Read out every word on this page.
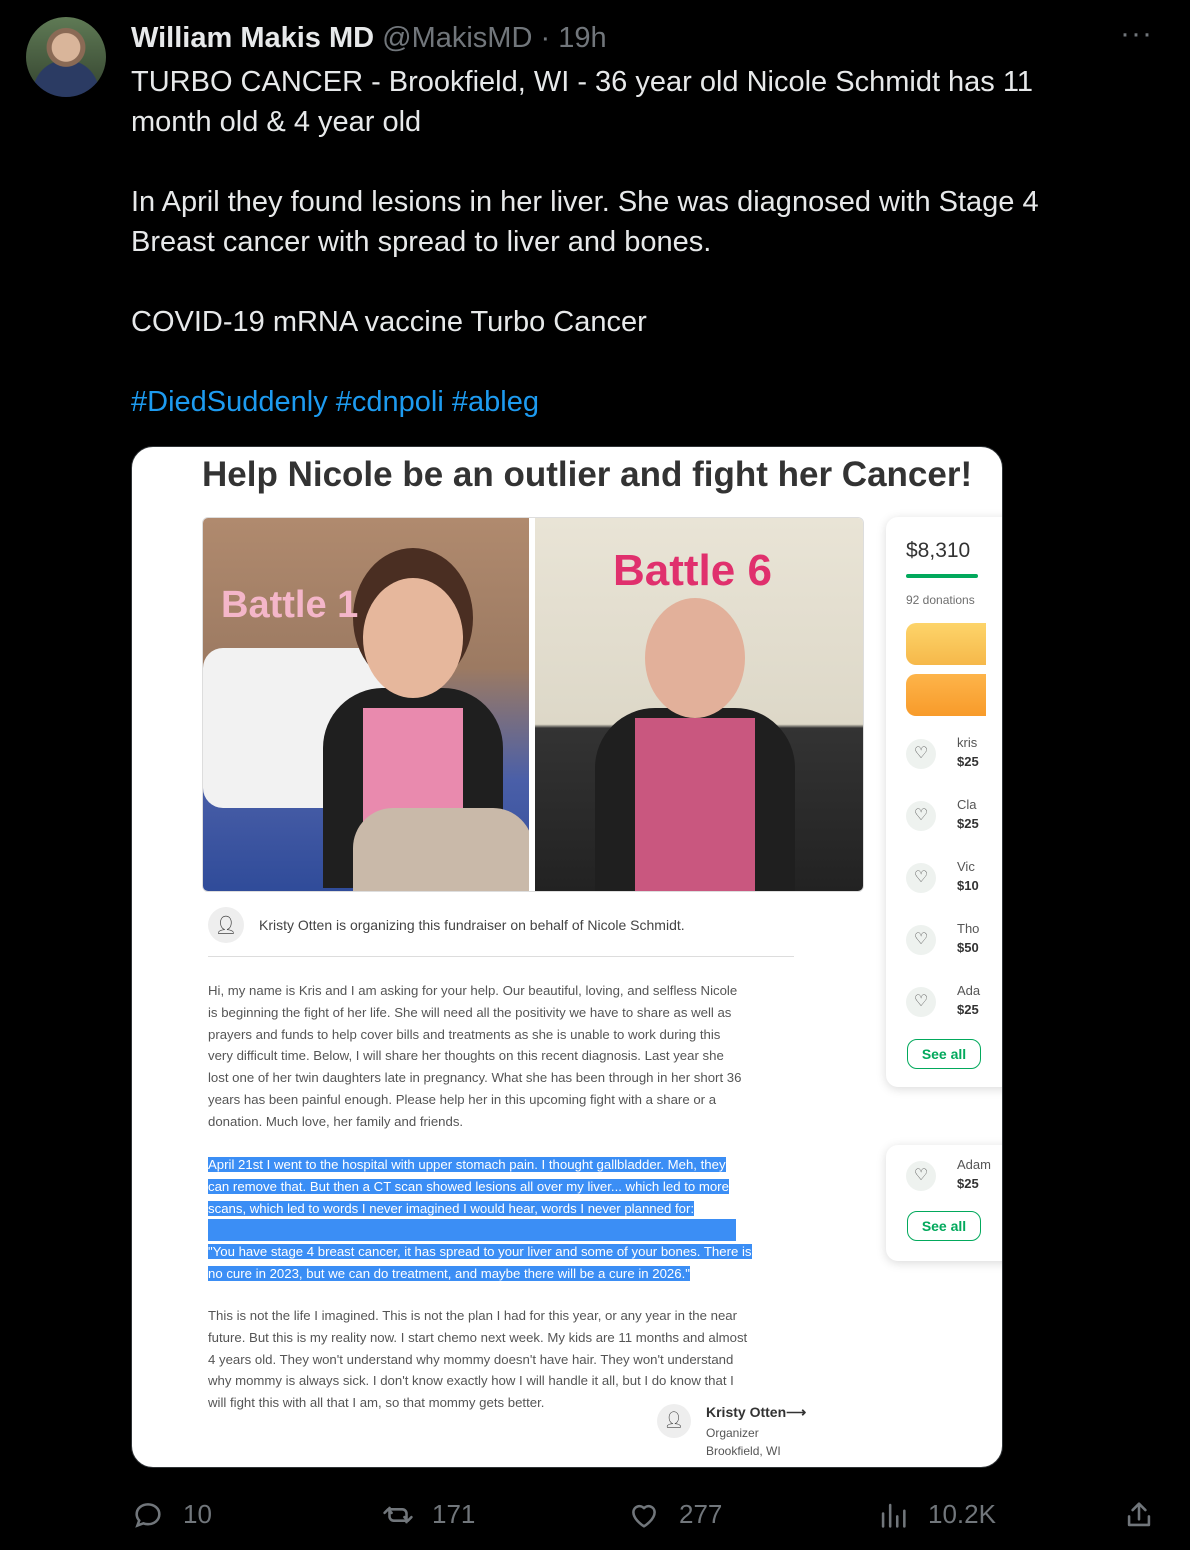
William Makis MD @MakisMD · 19h	···

TURBO CANCER - Brookfield, WI - 36 year old Nicole Schmidt has 11 month old & 4 year old

In April they found lesions in her liver. She was diagnosed with Stage 4 Breast cancer with spread to liver and bones.

COVID-19 mRNA vaccine Turbo Cancer

#DiedSuddenly #cdnpoli #ableg

Help Nicole be an outlier and fight her Cancer!
Battle 1
Battle 6	$8,310
92 donations
♡
kris
$25
♡
Cla
$25
♡
Vic
$10
♡
Tho
$50
♡
Ada
$25
See all
♡
Adam
$25
See all
👤︎	Kristy Otten is organizing this fundraiser on behalf of Nicole Schmidt.
Hi, my name is Kris and I am asking for your help. Our beautiful, loving, and selfless Nicole
is beginning the fight of her life. She will need all the positivity we have to share as well as
prayers and funds to help cover bills and treatments as she is unable to work during this
very difficult time. Below, I will share her thoughts on this recent diagnosis. Last year she
lost one of her twin daughters late in pregnancy. What she has been through in her short 36
years has been painful enough. Please help her in this upcoming fight with a share or a
donation. Much love, her family and friends.
April 21st I went to the hospital with upper stomach pain. I thought gallbladder. Meh, they
can remove that. But then a CT scan showed lesions all over my liver... which led to more
scans, which led to words I never imagined I would hear, words I never planned for:
"You have stage 4 breast cancer, it has spread to your liver and some of your bones. There is
no cure in 2023, but we can do treatment, and maybe there will be a cure in 2026."
This is not the life I imagined. This is not the plan I had for this year, or any year in the near
future. But this is my reality now. I start chemo next week. My kids are 11 months and almost
4 years old. They won't understand why mommy doesn't have hair. They won't understand
why mommy is always sick. I don't know exactly how I will handle it all, but I do know that I
will fight this with all that I am, so that mommy gets better.
👤︎	Kristy Otten⟶
Organizer
Brookfield, WI
10	171	277	10.2K
